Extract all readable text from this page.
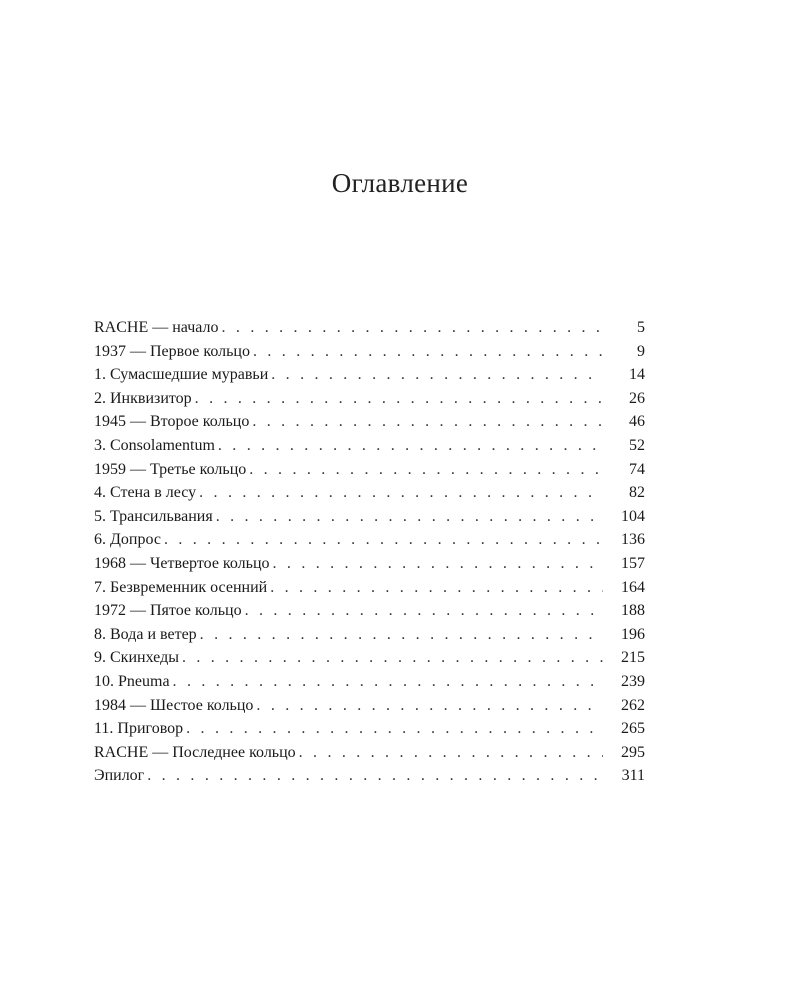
Оглавление
RACHE — начало . . .	5
1937 — Первое кольцо . . .	9
1. Сумасшедшие муравьи . . .	14
2. Инквизитор . . .	26
1945 — Второе кольцо . . .	46
3. Consolamentum . . .	52
1959 — Третье кольцо . . .	74
4. Стена в лесу . . .	82
5. Трансильвания . . .	104
6. Допрос . . .	136
1968 — Четвертое кольцо . . .	157
7. Безвременник осенний . . .	164
1972 — Пятое кольцо . . .	188
8. Вода и ветер . . .	196
9. Скинхеды . . .	215
10. Pneuma . . .	239
1984 — Шестое кольцо . . .	262
11. Приговор . . .	265
RACHE — Последнее кольцо . . .	295
Эпилог . . .	311
